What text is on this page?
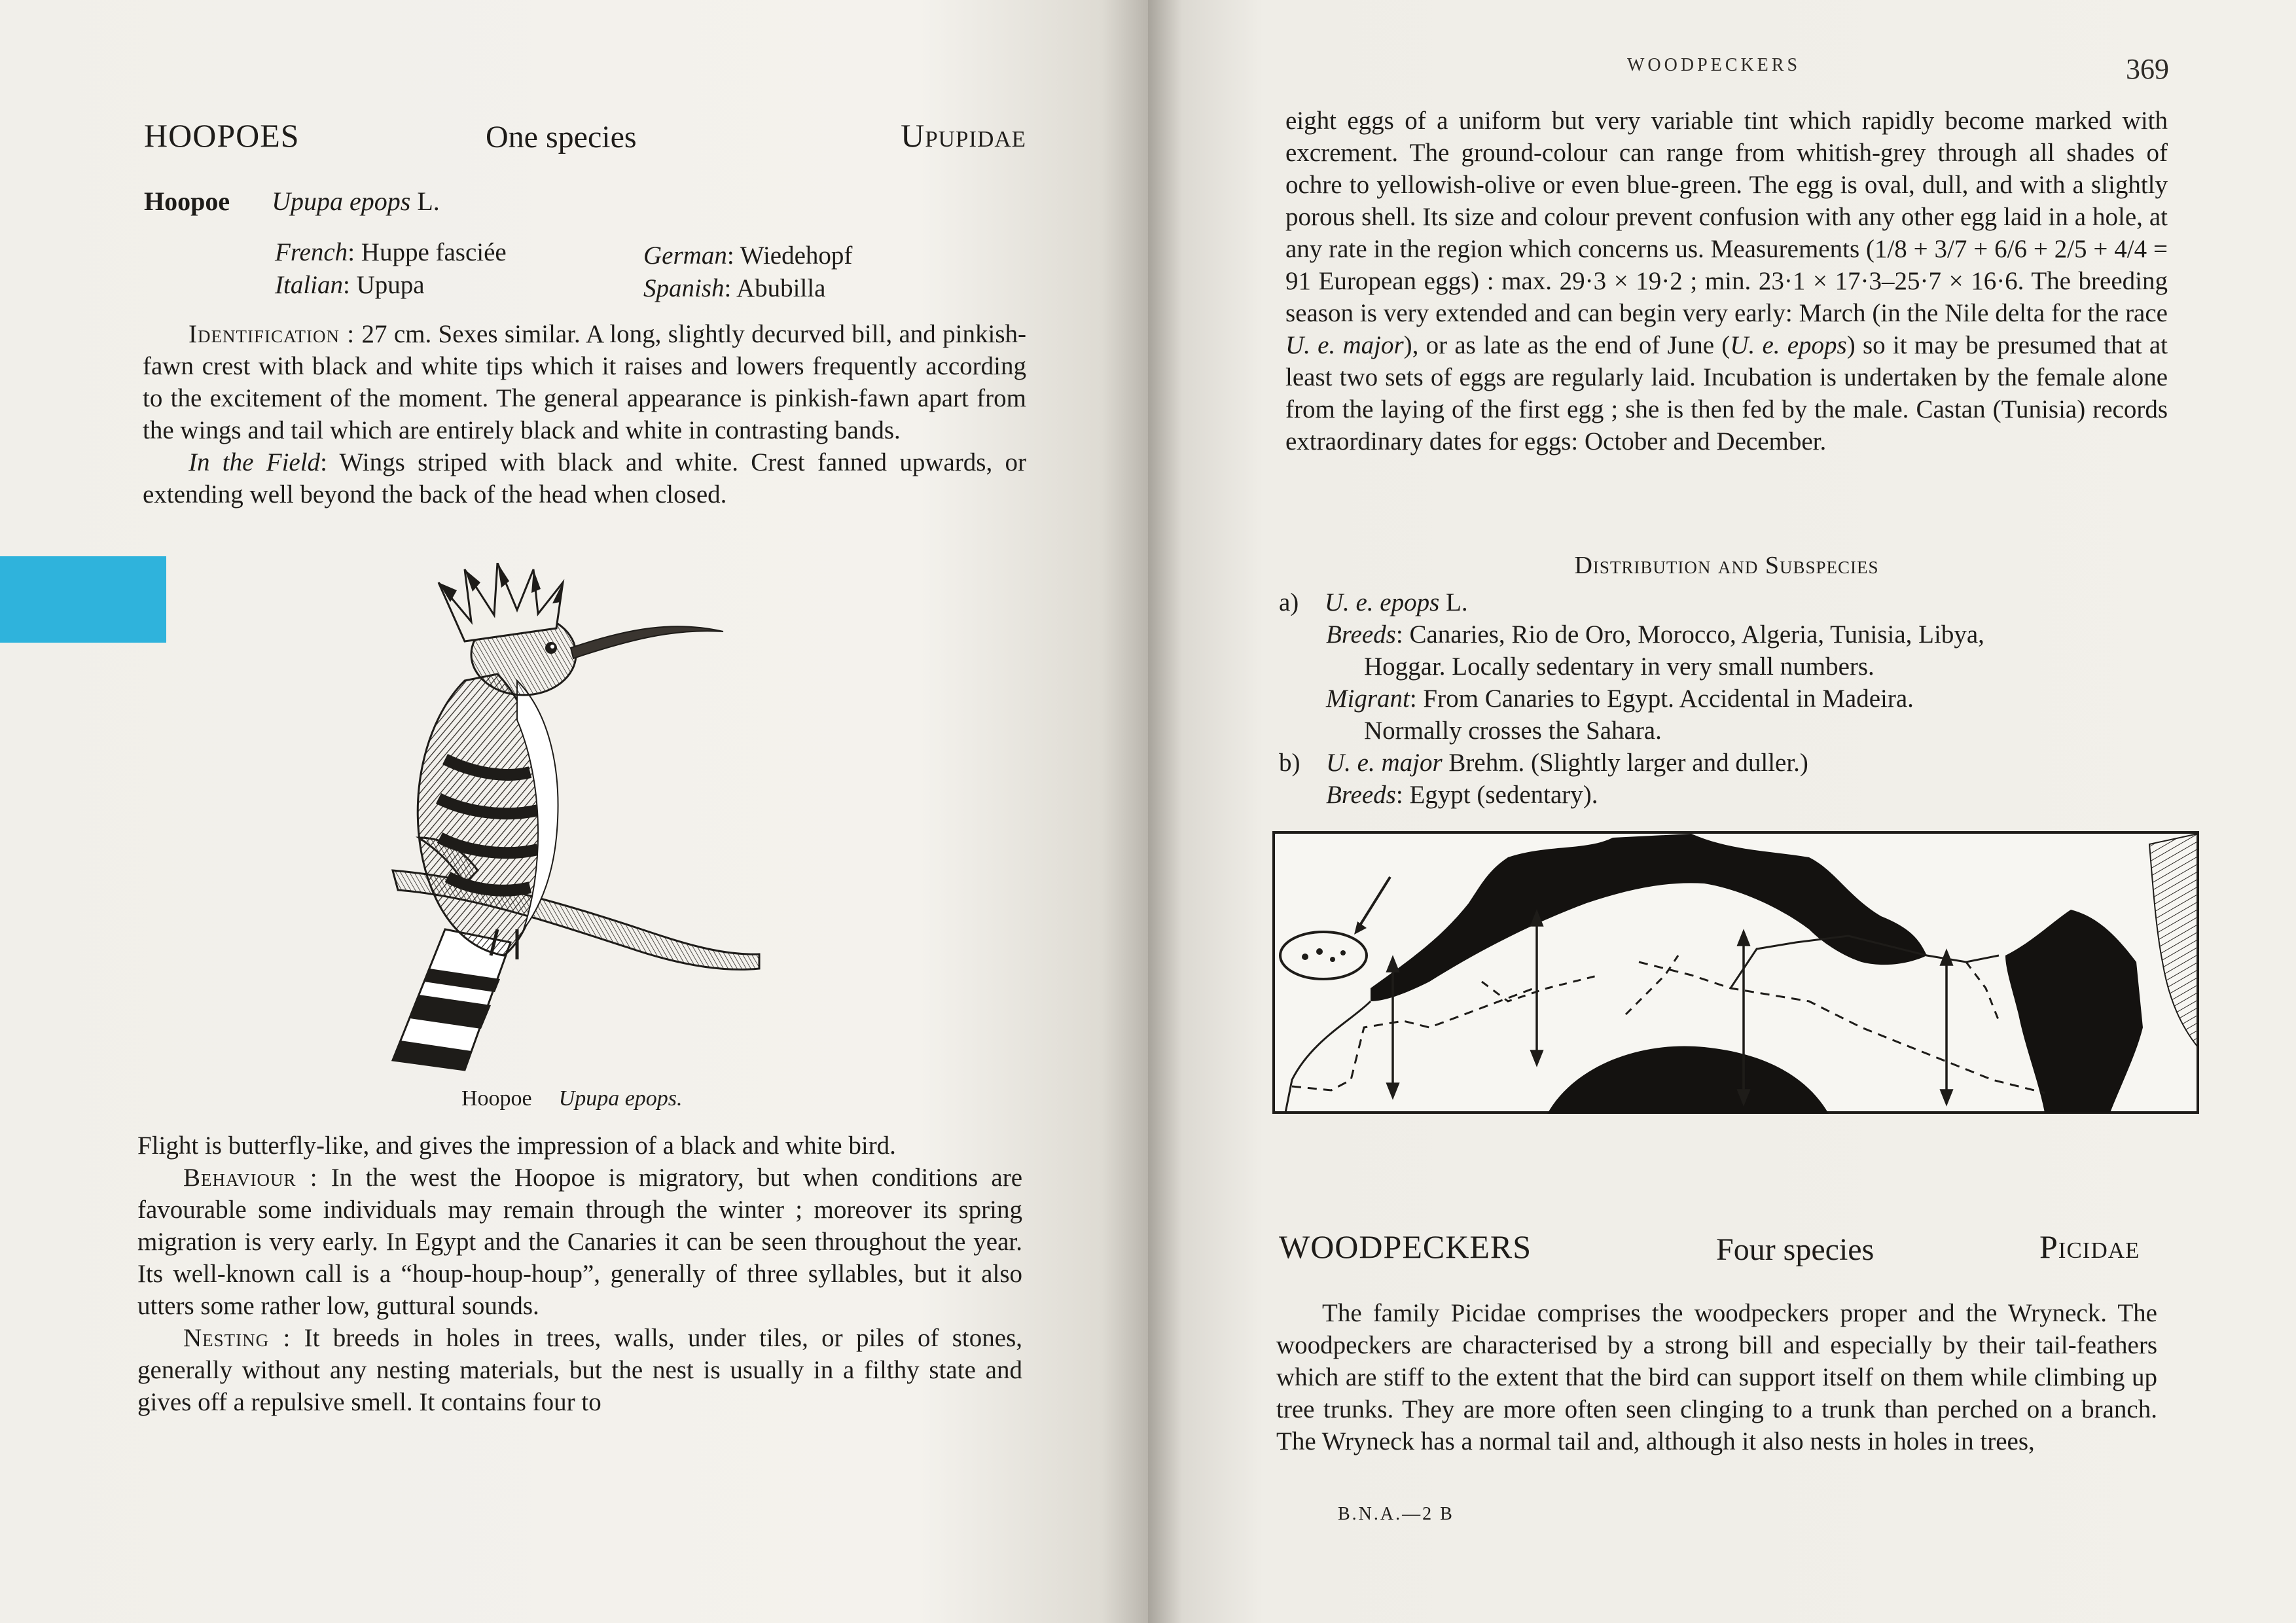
HOOPOES	One species	Upupidae
Hoopoe Upupa epops L.
French: Huppe fasciée	German: Wiedehopf
Italian: Upupa	Spanish: Abubilla

Identification : 27 cm. Sexes similar. A long, slightly decurved bill, and pinkish-fawn crest with black and white tips which it raises and lowers frequently according to the excitement of the moment. The general appearance is pinkish-fawn apart from the wings and tail which are entirely black and white in contrasting bands.

In the Field: Wings striped with black and white. Crest fanned upwards, or extending well beyond the back of the head when closed.

Hoopoe Upupa epops.

Flight is butterfly-like, and gives the impression of a black and white bird.

Behaviour : In the west the Hoopoe is migratory, but when conditions are favourable some individuals may remain through the winter ; moreover its spring migration is very early. In Egypt and the Canaries it can be seen throughout the year. Its well-known call is a “houp-houp-houp”, generally of three syllables, but it also utters some rather low, guttural sounds.

Nesting : It breeds in holes in trees, walls, under tiles, or piles of stones, generally without any nesting materials, but the nest is usually in a filthy state and gives off a repulsive smell. It contains four to

WOODPECKERS	369

eight eggs of a uniform but very variable tint which rapidly become marked with excrement. The ground-colour can range from whitish-grey through all shades of ochre to yellowish-olive or even blue-green. The egg is oval, dull, and with a slightly porous shell. Its size and colour prevent confusion with any other egg laid in a hole, at any rate in the region which concerns us. Measurements (1/8 + 3/7 + 6/6 + 2/5 + 4/4 = 91 European eggs) : max. 29·3 × 19·2 ; min. 23·1 × 17·3–25·7 × 16·6. The breeding season is very extended and can begin very early: March (in the Nile delta for the race U. e. major), or as late as the end of June (U. e. epops) so it may be presumed that at least two sets of eggs are regularly laid. Incubation is undertaken by the female alone from the laying of the first egg ; she is then fed by the male. Castan (Tunisia) records extraordinary dates for eggs: October and December.

Distribution and Subspecies
a) U. e. epops L.
Breeds: Canaries, Rio de Oro, Morocco, Algeria, Tunisia, Libya,
Hoggar. Locally sedentary in very small numbers.
Migrant: From Canaries to Egypt. Accidental in Madeira.
Normally crosses the Sahara.
b) U. e. major Brehm. (Slightly larger and duller.)
Breeds: Egypt (sedentary).
WOODPECKERS	Four species	Picidae

The family Picidae comprises the woodpeckers proper and the Wryneck. The woodpeckers are characterised by a strong bill and especially by their tail-feathers which are stiff to the extent that the bird can support itself on them while climbing up tree trunks. They are more often seen clinging to a trunk than perched on a branch. The Wryneck has a normal tail and, although it also nests in holes in trees,

B.N.A.—2 B
